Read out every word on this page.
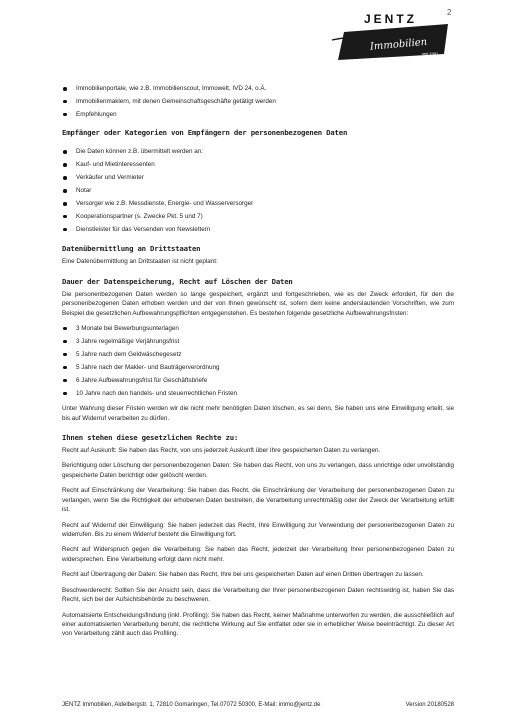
2
JENTZ
Immobilien
seit 1981
Immobilienportale, wie z.B. Immobilienscout, Immowelt, IVD 24, o.Ä.
Immobilienmaklern, mit denen Gemeinschaftsgeschäfte getätigt werden
Empfehlungen
Empfänger oder Kategorien von Empfängern der personenbezogenen Daten
Die Daten können z.B. übermittelt werden an:
Kauf- und Mietinteressenten
Verkäufer und Vermieter
Notar
Versorger wie z.B. Messdienste, Energie- und Wasserversorger
Kooperationspartner (s. Zwecke Pkt. 5 und 7)
Dienstleister für das Versenden von Newslettern
Datenübermittlung an Drittstaaten
Eine Datenübermittlung an Drittstaaten ist nicht geplant:
Dauer der Datenspeicherung, Recht auf Löschen der Daten
Die personenbezogenen Daten werden so lange gespeichert, ergänzt und fortgeschrieben, wie es der Zweck erfordert, für den die personenbezogenen Daten erhoben werden und der von Ihnen gewünscht ist, sofern dem keine anderslautenden Vorschriften, wie zum Beispiel die gesetzlichen Aufbewahrungspflichten entgegenstehen. Es bestehen folgende gesetzliche Aufbewahrungsfristen:
3 Monate bei Bewerbungsunterlagen
3 Jahre regelmäßige Verjährungsfrist
5 Jahre nach dem Geldwäschegesetz
5 Jahre nach der Makler- und Bauträgerverordnung
6 Jahre Aufbewahrungsfrist für Geschäftsbriefe
10 Jahre nach den handels- und steuerrechtlichen Fristen
Unter Wahrung dieser Fristen werden wir die nicht mehr benötigten Daten löschen, es sei denn, Sie haben uns eine Einwilligung erteilt, sie bis auf Widerruf verarbeiten zu dürfen.
Ihnen stehen diese gesetzlichen Rechte zu:
Recht auf Auskunft: Sie haben das Recht, von uns jederzeit Auskunft über Ihre gespeicherten Daten zu verlangen.
Berichtigung oder Löschung der personenbezogenen Daten: Sie haben das Recht, von uns zu verlangen, dass unrichtige oder unvollständig gespeicherte Daten berichtigt oder gelöscht werden.
Recht auf Einschränkung der Verarbeitung: Sie haben das Recht, die Einschränkung der Verarbeitung der personenbezogenen Daten zu verlangen, wenn Sie die Richtigkeit der erhobenen Daten bestreiten, die Verarbeitung unrechtmäßig oder der Zweck der Verarbeitung erfüllt ist.
Recht auf Widerruf der Einwilligung: Sie haben jederzeit das Recht, Ihre Einwilligung zur Verwendung der personenbezogenen Daten zu widerrufen. Bis zu einem Widerruf besteht die Einwilligung fort.
Recht auf Widerspruch gegen die Verarbeitung: Sie haben das Recht, jederzeit der Verarbeitung Ihrer personenbezogenen Daten zu widersprechen. Eine Verarbeitung erfolgt dann nicht mehr.
Recht auf Übertragung der Daten: Sie haben das Recht, Ihre bei uns gespeicherten Daten auf einen Dritten übertragen zu lassen.
Beschwerderecht: Sollten Sie der Ansicht sein, dass die Verarbeitung der Ihrer personenbezogenen Daten rechtswidrig ist, haben Sie das Recht, sich bei der Aufsichtsbehörde zu beschweren.
Automatisierte Entscheidungsfindung (inkl. Profiling): Sie haben das Recht, keiner Maßnahme unterworfen zu werden, die ausschließlich auf einer automatisierten Verarbeitung beruht, die rechtliche Wirkung auf Sie entfaltet oder sie in erheblicher Weise beeinträchtigt. Zu dieser Art von Verarbeitung zählt auch das Profiling.
JENTZ Immobilien, Aidelbergstr. 1, 72810 Gomaringen, Tel.07072 50300, E-Mail: immo@jentz.de	Version 20180528
